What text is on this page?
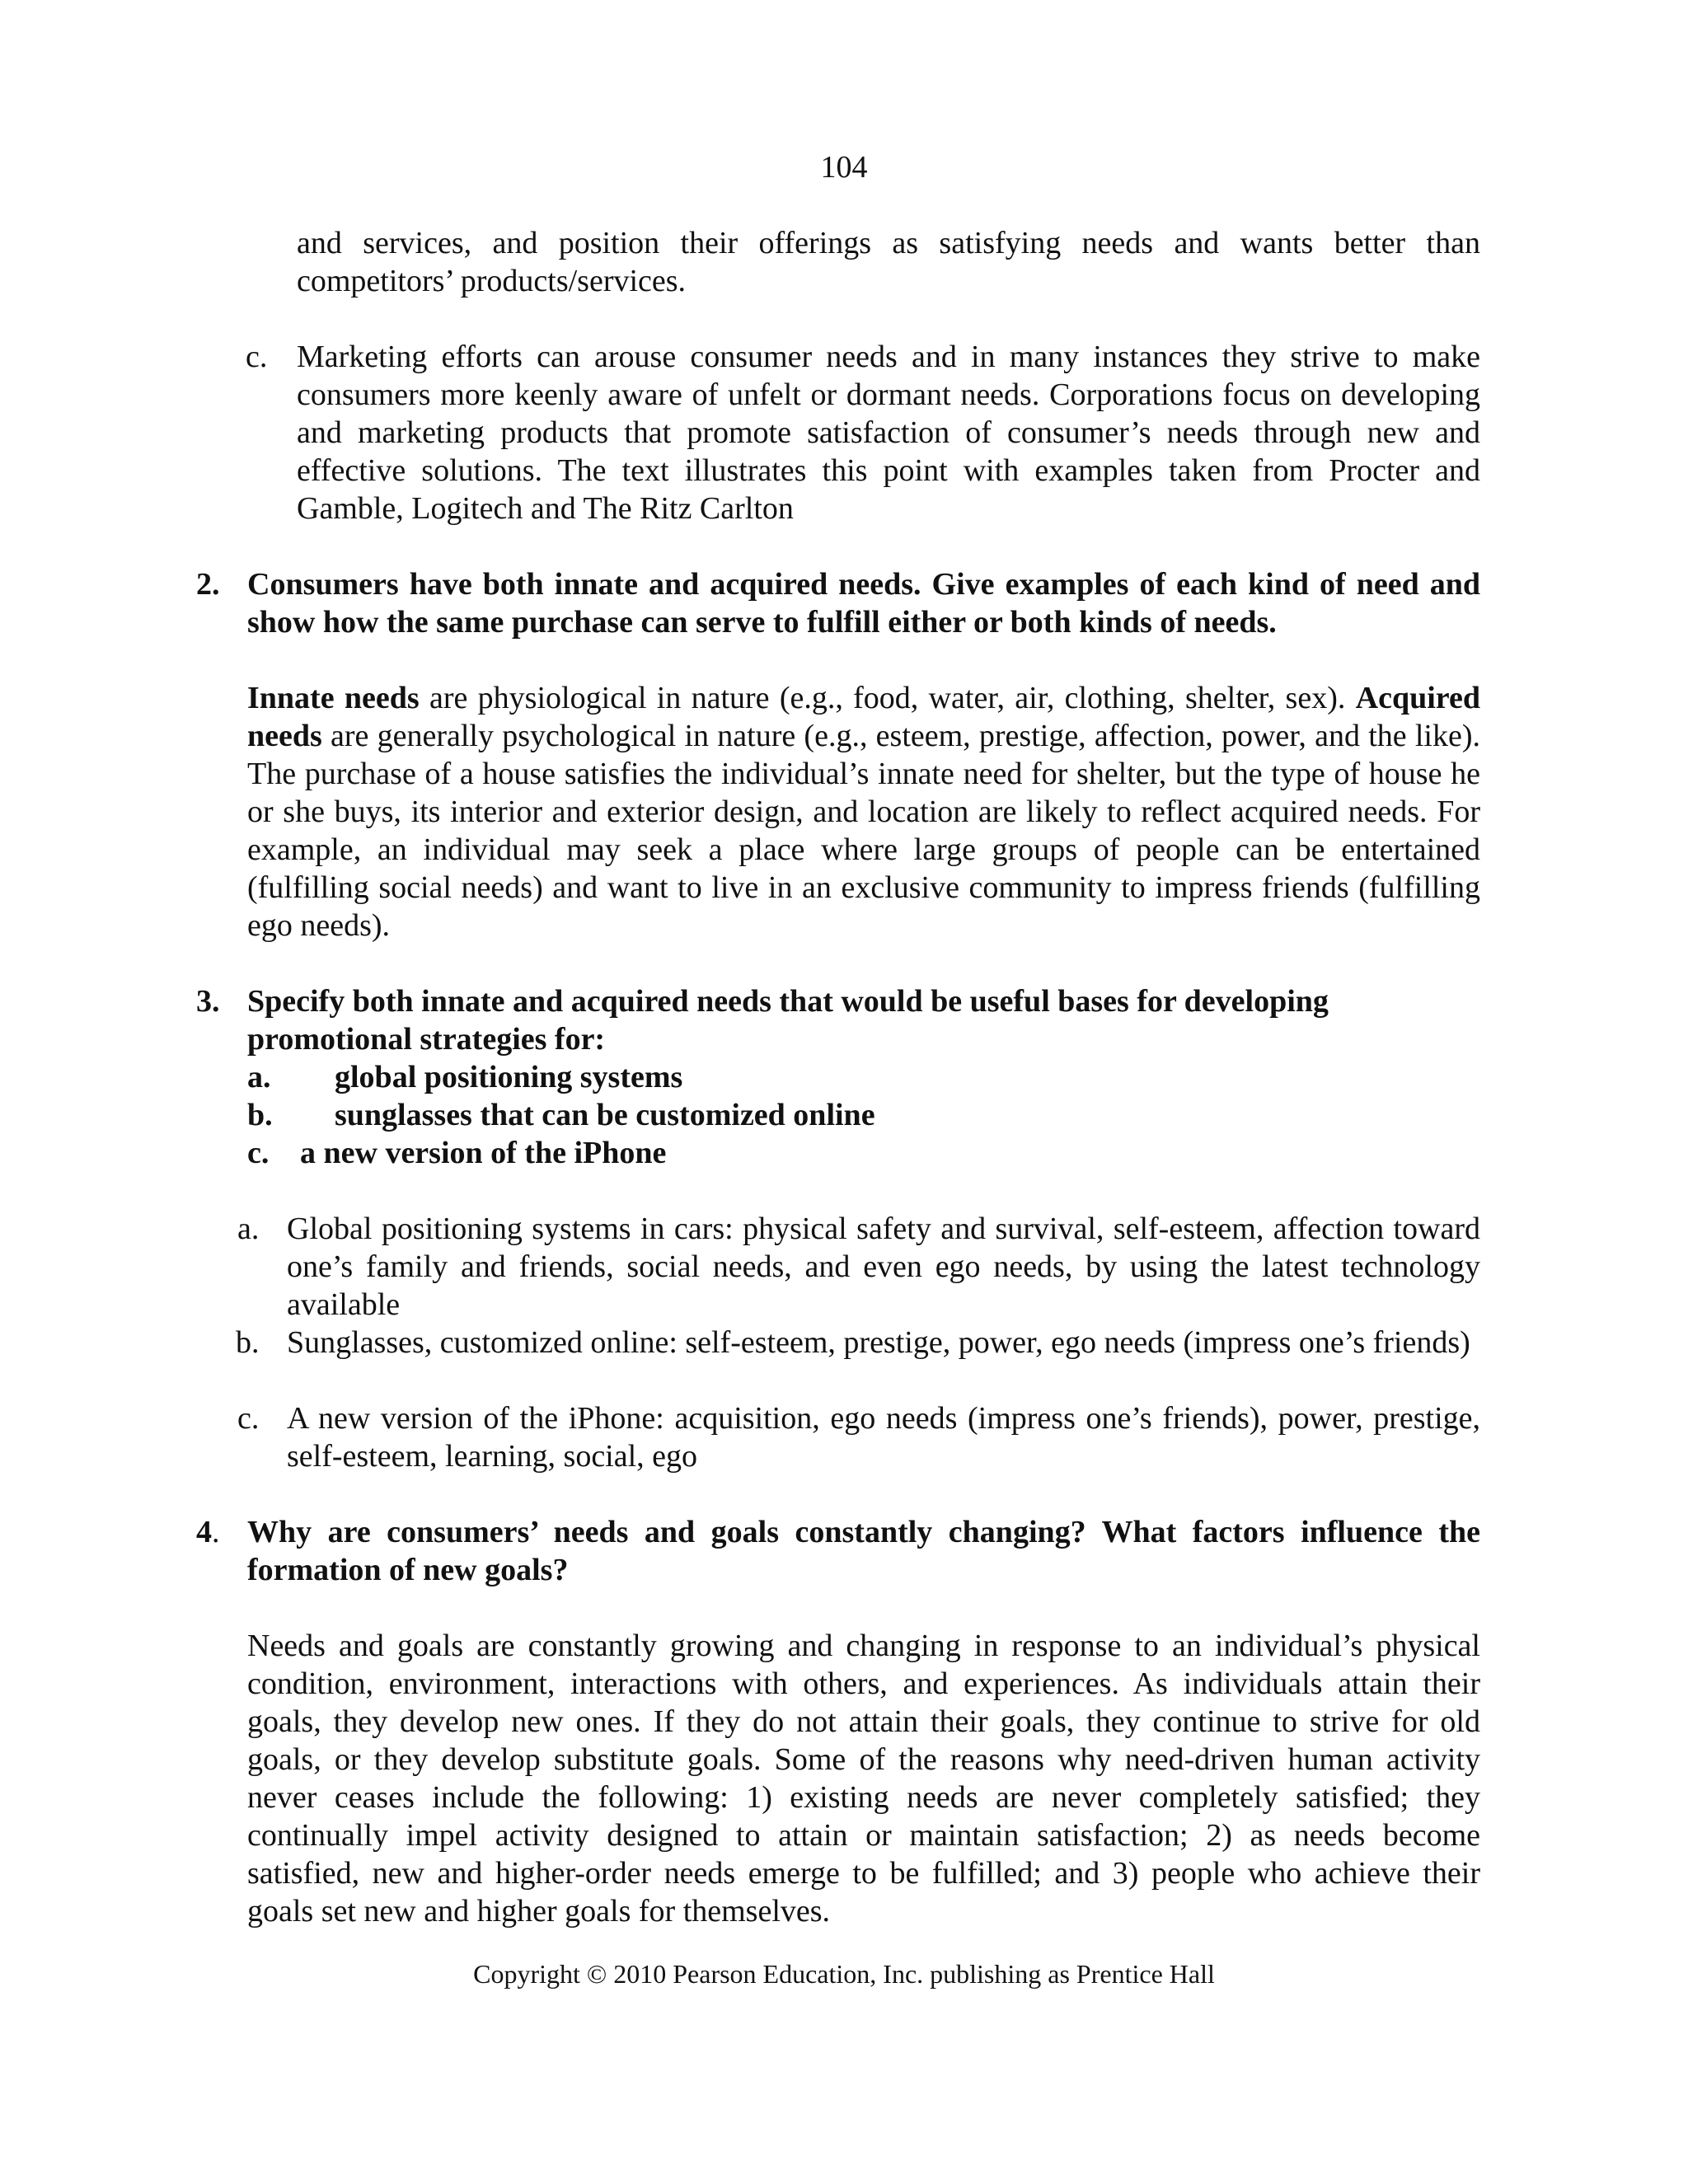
104
and services, and position their offerings as satisfying needs and wants better than competitors’ products/services.
c. Marketing efforts can arouse consumer needs and in many instances they strive to make consumers more keenly aware of unfelt or dormant needs. Corporations focus on developing and marketing products that promote satisfaction of consumer’s needs through new and effective solutions. The text illustrates this point with examples taken from Procter and Gamble, Logitech and The Ritz Carlton
2. Consumers have both innate and acquired needs. Give examples of each kind of need and show how the same purchase can serve to fulfill either or both kinds of needs.
Innate needs are physiological in nature (e.g., food, water, air, clothing, shelter, sex). Acquired needs are generally psychological in nature (e.g., esteem, prestige, affection, power, and the like). The purchase of a house satisfies the individual’s innate need for shelter, but the type of house he or she buys, its interior and exterior design, and location are likely to reflect acquired needs. For example, an individual may seek a place where large groups of people can be entertained (fulfilling social needs) and want to live in an exclusive community to impress friends (fulfilling ego needs).
3. Specify both innate and acquired needs that would be useful bases for developing
promotional strategies for:
a. global positioning systems
b. sunglasses that can be customized online
c. a new version of the iPhone
a. Global positioning systems in cars: physical safety and survival, self-esteem, affection toward one’s family and friends, social needs, and even ego needs, by using the latest technology available
b. Sunglasses, customized online: self-esteem, prestige, power, ego needs (impress one’s friends)
c. A new version of the iPhone: acquisition, ego needs (impress one’s friends), power, prestige, self-esteem, learning, social, ego
4. Why are consumers’ needs and goals constantly changing? What factors influence the formation of new goals?
Needs and goals are constantly growing and changing in response to an individual’s physical condition, environment, interactions with others, and experiences. As individuals attain their goals, they develop new ones. If they do not attain their goals, they continue to strive for old goals, or they develop substitute goals. Some of the reasons why need-driven human activity never ceases include the following: 1) existing needs are never completely satisfied; they continually impel activity designed to attain or maintain satisfaction; 2) as needs become satisfied, new and higher-order needs emerge to be fulfilled; and 3) people who achieve their goals set new and higher goals for themselves.
Copyright © 2010 Pearson Education, Inc. publishing as Prentice Hall
